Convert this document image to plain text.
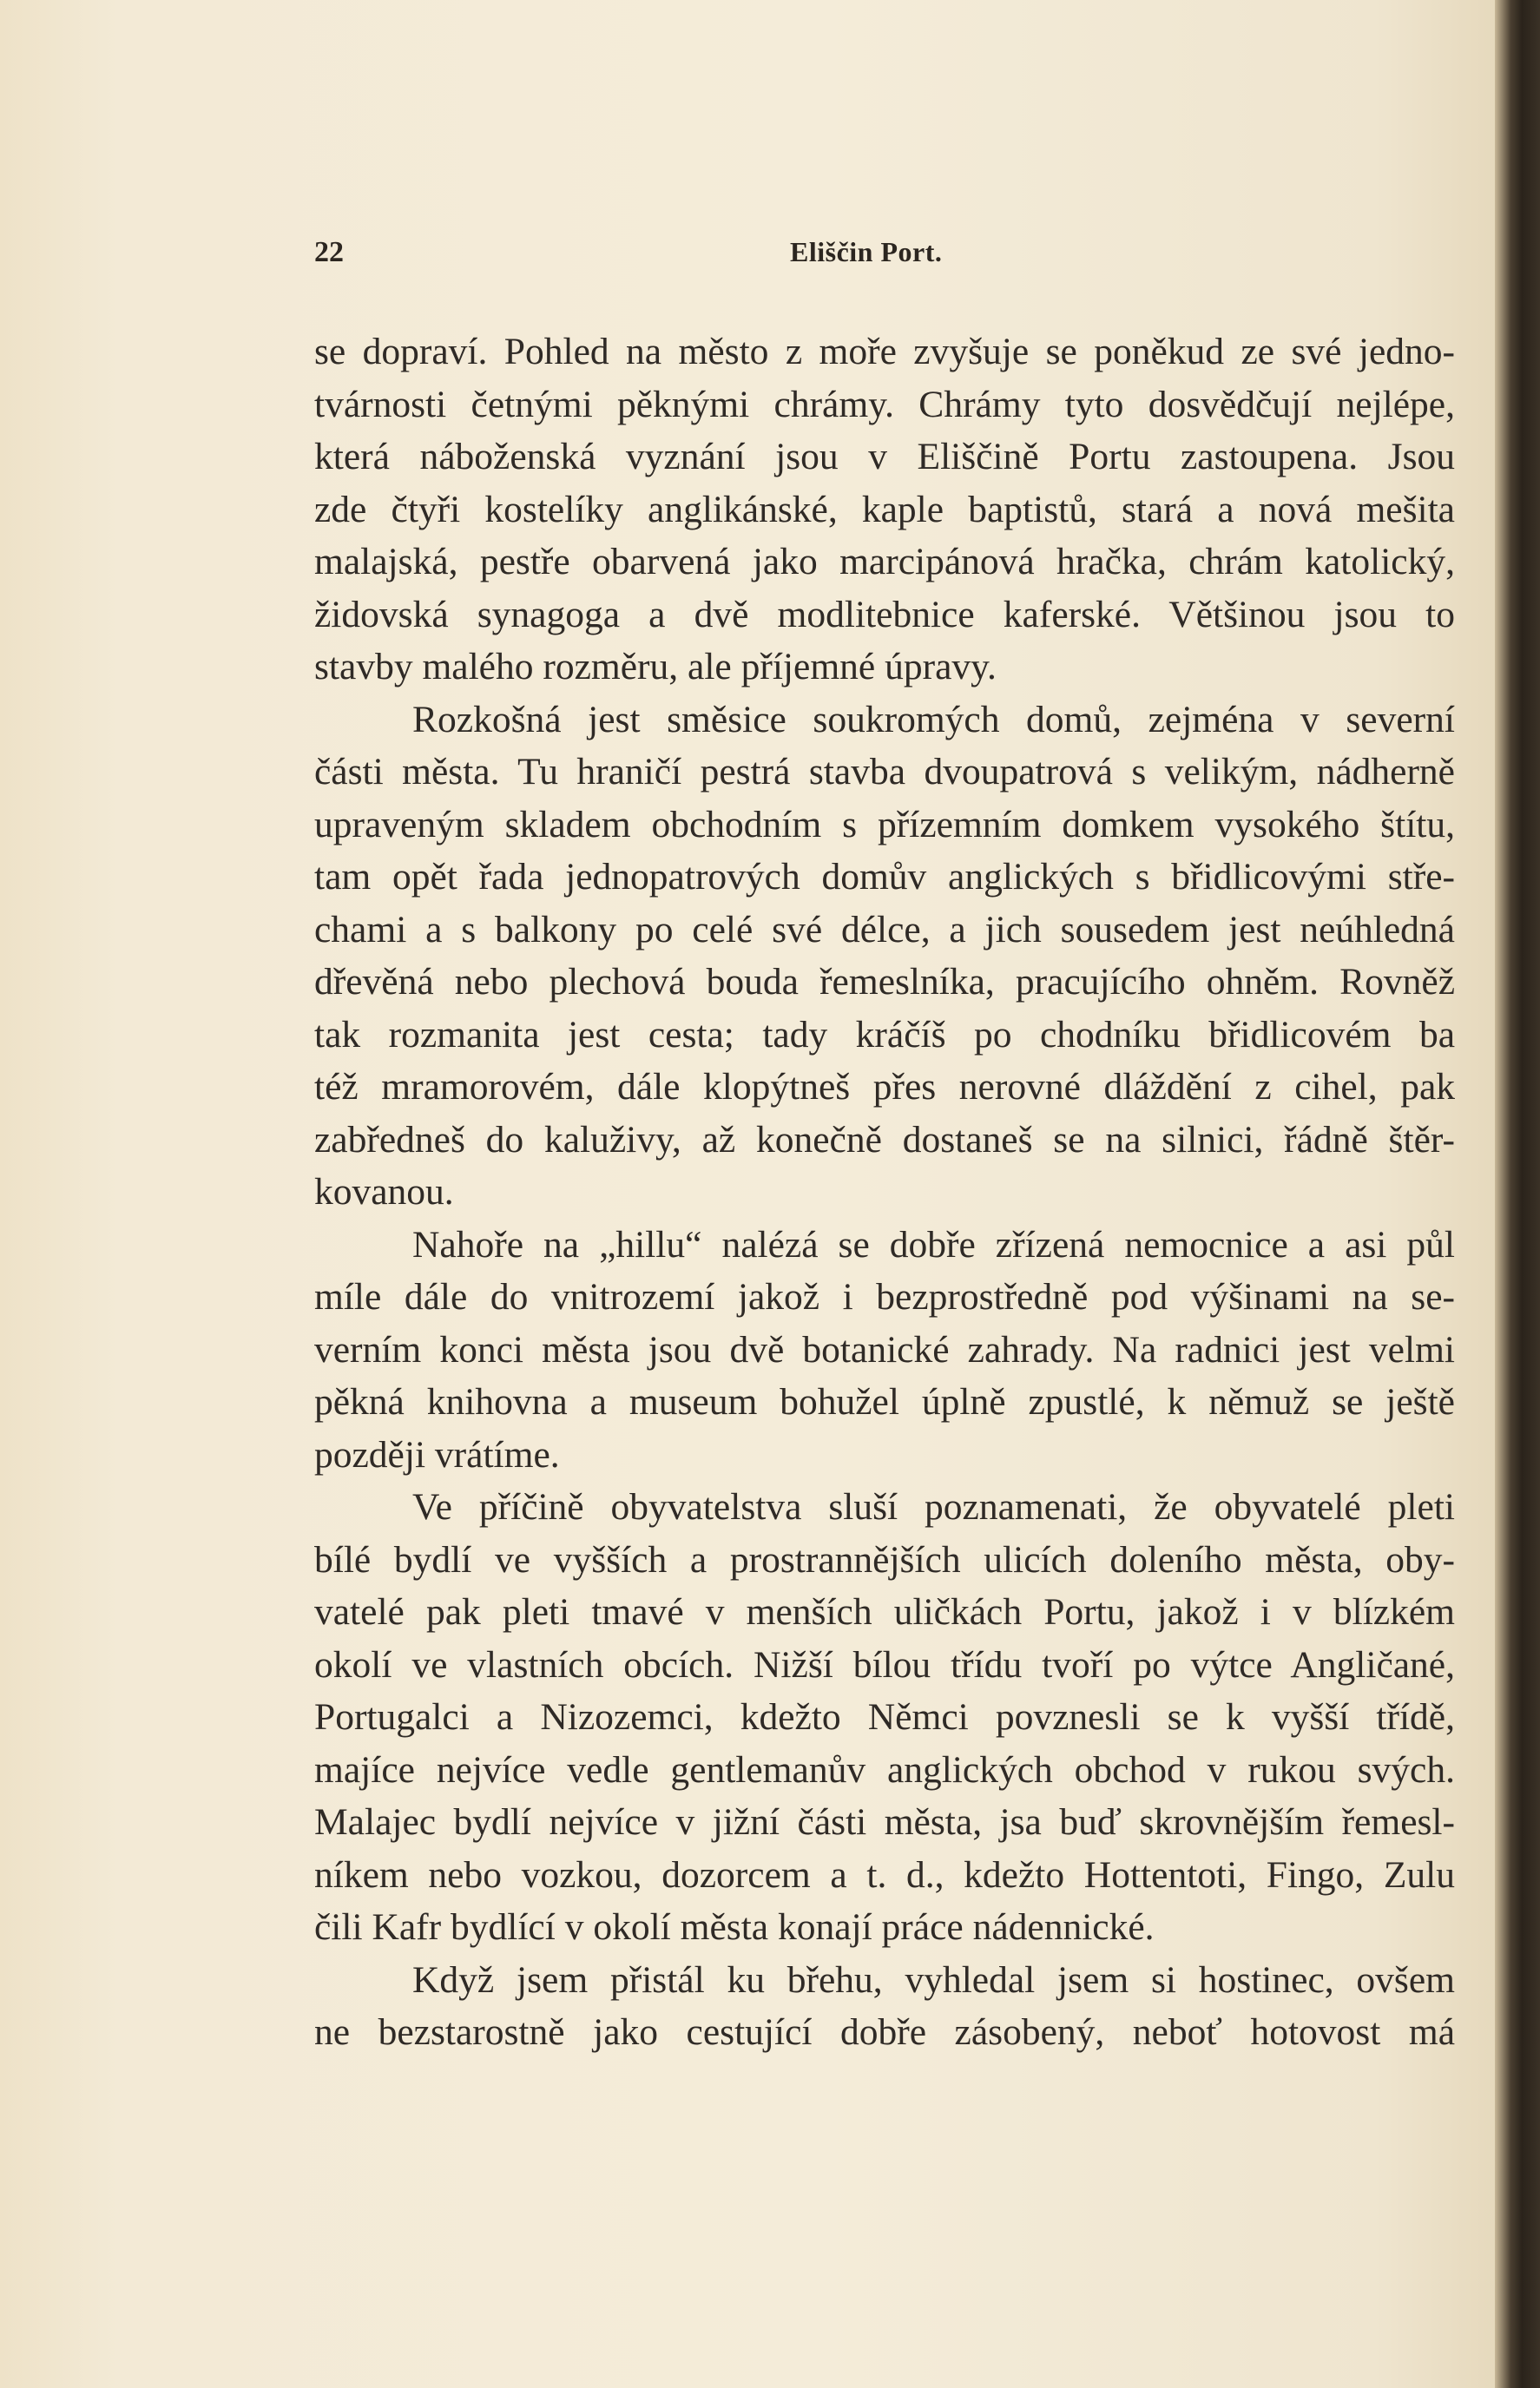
22	Eliščin Port.
se dopraví. Pohled na město z moře zvyšuje se poněkud ze své jedno-
tvárnosti četnými pěknými chrámy. Chrámy tyto dosvědčují nejlépe,
která náboženská vyznání jsou v Eliščině Portu zastoupena. Jsou
zde čtyři kostelíky anglikánské, kaple baptistů, stará a nová mešita
malajská, pestře obarvená jako marcipánová hračka, chrám katolický,
židovská synagoga a dvě modlitebnice kaferské. Většinou jsou to
stavby malého rozměru, ale příjemné úpravy.
Rozkošná jest směsice soukromých domů, zejména v severní
části města. Tu hraničí pestrá stavba dvoupatrová s velikým, nádherně
upraveným skladem obchodním s přízemním domkem vysokého štítu,
tam opět řada jednopatrových domův anglických s břidlicovými stře-
chami a s balkony po celé své délce, a jich sousedem jest neúhledná
dřevěná nebo plechová bouda řemeslníka, pracujícího ohněm. Rovněž
tak rozmanita jest cesta; tady kráčíš po chodníku břidlicovém ba
též mramorovém, dále klopýtneš přes nerovné dláždění z cihel, pak
zabředneš do kaluživy, až konečně dostaneš se na silnici, řádně štěr-
kovanou.
Nahoře na „hillu“ nalézá se dobře zřízená nemocnice a asi půl
míle dále do vnitrozemí jakož i bezprostředně pod výšinami na se-
verním konci města jsou dvě botanické zahrady. Na radnici jest velmi
pěkná knihovna a museum bohužel úplně zpustlé, k němuž se ještě
později vrátíme.
Ve příčině obyvatelstva sluší poznamenati, že obyvatelé pleti
bílé bydlí ve vyšších a prostrannějších ulicích doleního města, oby-
vatelé pak pleti tmavé v menších uličkách Portu, jakož i v blízkém
okolí ve vlastních obcích. Nižší bílou třídu tvoří po výtce Angličané,
Portugalci a Nizozemci, kdežto Němci povznesli se k vyšší třídě,
majíce nejvíce vedle gentlemanův anglických obchod v rukou svých.
Malajec bydlí nejvíce v jižní části města, jsa buď skrovnějším řemesl-
níkem nebo vozkou, dozorcem a t. d., kdežto Hottentoti, Fingo, Zulu
čili Kafr bydlící v okolí města konají práce nádennické.
Když jsem přistál ku břehu, vyhledal jsem si hostinec, ovšem
ne bezstarostně jako cestující dobře zásobený, neboť hotovost má
